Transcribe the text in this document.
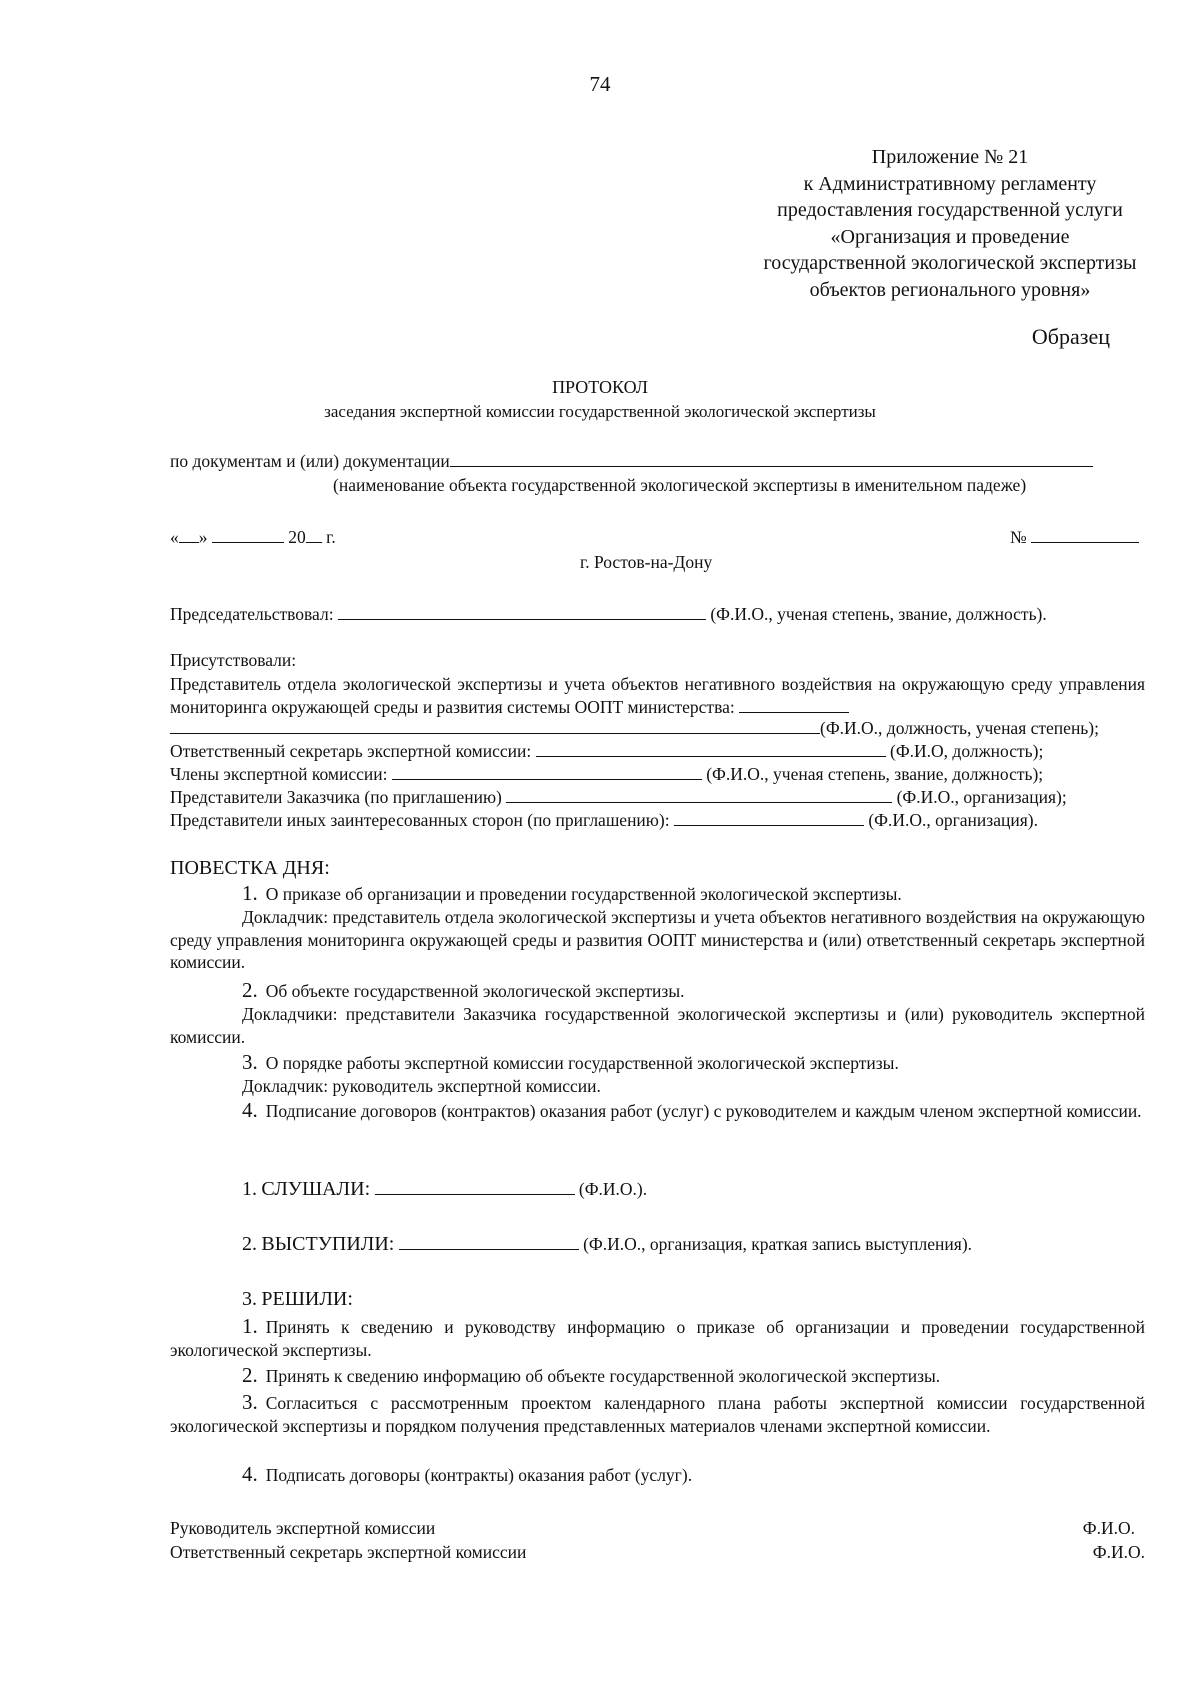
74
Приложение № 21
к Административному регламенту
предоставления государственной услуги
«Организация и проведение
государственной экологической экспертизы
объектов регионального уровня»
Образец
ПРОТОКОЛ
заседания экспертной комиссии государственной экологической экспертизы
по документам и (или) документации
(наименование объекта государственной экологической экспертизы в именительном падеже)
« »	20 г.	№
г. Ростов-на-Дону
Председательствовал:	(Ф.И.О., ученая степень, звание, должность).
Присутствовали:
Представитель отдела экологической экспертизы и учета объектов негативного воздействия на окружающую среду управления мониторинга окружающей среды и развития системы ООПТ министерства:
(Ф.И.О., должность, ученая степень);
Ответственный секретарь экспертной комиссии:	(Ф.И.О, должность);
Члены экспертной комиссии:	(Ф.И.О., ученая степень, звание, должность);
Представители Заказчика (по приглашению)	(Ф.И.О., организация);
Представители иных заинтересованных сторон (по приглашению):	(Ф.И.О., организация).
ПОВЕСТКА ДНЯ:
1. О приказе об организации и проведении государственной экологической экспертизы.
Докладчик: представитель отдела экологической экспертизы и учета объектов негативного воздействия на окружающую среду управления мониторинга окружающей среды и развития ООПТ министерства и (или) ответственный секретарь экспертной комиссии.
2. Об объекте государственной экологической экспертизы.
Докладчики: представители Заказчика государственной экологической экспертизы и (или) руководитель экспертной комиссии.
3. О порядке работы экспертной комиссии государственной экологической экспертизы.
Докладчик: руководитель экспертной комиссии.
4. Подписание договоров (контрактов) оказания работ (услуг) с руководителем и каждым членом экспертной комиссии.
1. СЛУШАЛИ:	(Ф.И.О.).
2. ВЫСТУПИЛИ:	(Ф.И.О., организация, краткая запись выступления).
3. РЕШИЛИ:
1. Принять к сведению и руководству информацию о приказе об организации и проведении государственной экологической экспертизы.
2. Принять к сведению информацию об объекте государственной экологической экспертизы.
3. Согласиться с рассмотренным проектом календарного плана работы экспертной комиссии государственной экологической экспертизы и порядком получения представленных материалов членами экспертной комиссии.
4. Подписать договоры (контракты) оказания работ (услуг).
Руководитель экспертной комиссии	Ф.И.О.
Ответственный секретарь экспертной комиссии	Ф.И.О.
